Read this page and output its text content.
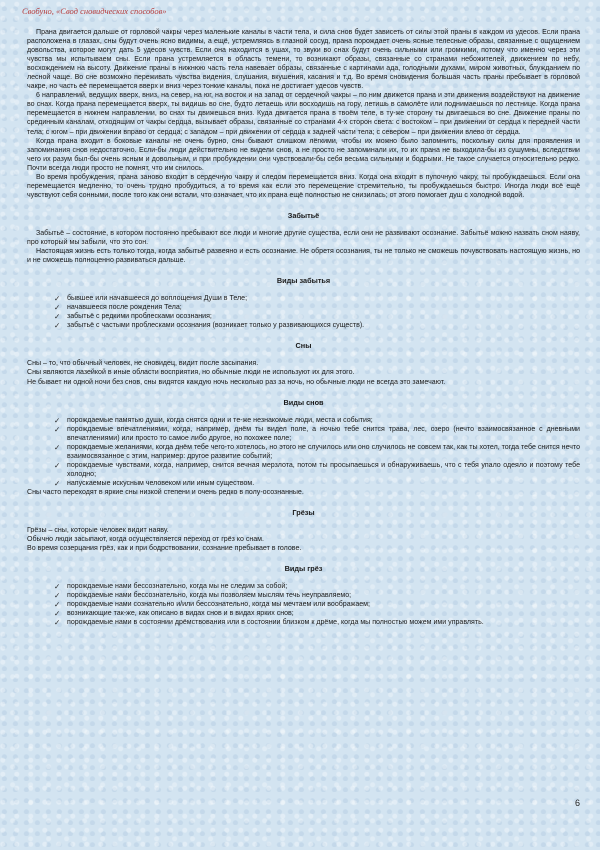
Свобуно, «Свод сновидческих способов»

Прана двигается дальше от горловой чакры через маленькие каналы в части тела, и сила снов будет зависеть от силы этой праны в каждом из удесов. Если прана расположена в глазах, сны будут очень ясно видимы, а ещё, устремляясь в глазной сосуд, прана порождает очень ясные телесные образы, связанные с ощущением довольства, которое могут дать 5 удесов чувств. Если она находится в ушах, то звуки во снах будут очень сильными или громкими, потому что именно через эти чувства мы испытываем сны. Если прана устремляется в область темени, то возникают образы, связанные со странами небожителей, движением по небу, восхождением на высоту. Движение праны в нижнюю часть тела навевает образы, связанные с картинами ада, голодными духами, миром животных, блужданием по лесной чаще. Во сне возможно переживать чувства видения, слушания, вкушения, касания и т.д. Во время сновидения большая часть праны пребывает в горловой чакре, но часть её перемещается вверх и вниз через тонкие каналы, пока не достигает удесов чувств.

6 направлений, ведущих вверх, вниз, на север, на юг, на восток и на запад от сердечной чакры – по ним движется прана и эти движения воздействуют на движение во снах. Когда прана перемещается вверх, ты видишь во сне, будто летаешь или восходишь на гору, летишь в самолёте или поднимаешься по лестнице. Когда прана перемещается в нижнем направлении, во снах ты движешься вниз. Куда двигается прана в твоём теле, в ту-же сторону ты двигаешься во сне. Движение праны по срединным каналам, отходящим от чакры сердца, вызывает образы, связанные со странами 4-х сторон света: с востоком – при движении от сердца к передней части тела; с югом – при движении вправо от сердца; с западом – при движении от сердца к задней части тела; с севером – при движении влево от сердца.

Когда прана входит в боковые каналы не очень бурно, сны бывают слишком лёгкими, чтобы их можно было запомнить, поскольку силы для проявления и запоминания снов недостаточно. Если-бы люди действительно не видели снов, а не просто не запоминали их, то их прана не выходила-бы из сушумны, вследствии чего их разум был-бы очень ясным и довольным, и при пробуждении они чувствовали-бы себя весьма сильными и бодрыми. Не такое случается относительно редко. Почти всегда люди просто не помнят, что им снилось.

Во время пробуждения, прана заново входит в сердечную чакру и следом перемещается вниз. Когда она входит в пупочную чакру, ты пробуждаешься. Если она перемещается медленно, то очень трудно пробудиться, а то время как если это перемещение стремительно, ты пробуждаешься быстро. Иногда люди всё ещё чувствуют себя сонными, после того как они встали, что означает, что их прана ещё полностью не снизилась; от этого помогает душ с холодной водой.

Забытьё

Забытьё – состояние, в котором постоянно пребывают все люди и многие другие существа, если они не развивают осознание. Забытьё можно назвать сном наяву, про который мы забыли, что это сон.

Настоящая жизнь есть только тогда, когда забытьё развеяно и есть осознание. Не обретя осознания, ты не только не сможешь почувствовать настоящую жизнь, но и не сможешь полноценно развиваться дальше.

Виды забытья
✓ бывшее или начавшееся до воплощения Души в Теле;
✓ начавшееся после рождения Тела;
✓ забытьё с редкими проблесками осознания;
✓ забытьё с частыми проблесками осознания (возникает только у развивающихся существ).
Сны

Сны – то, что обычный человек, не сновидец, видит после засыпания.

Сны являются лазейкой в иные области восприятия, но обычные люди не используют их для этого.

Не бывает ни одной ночи без снов, сны видятся каждую ночь несколько раз за ночь, но обычные люди не всегда это замечают.

Виды снов
✓ порождаемые памятью души, когда снятся одни и те-же незнакомые люди, места и события;
✓ порождаемые впечатлениями, когда, например, днём ты видел поле, а ночью тебе снится трава, лес, озеро (нечто взаимосвязанное с дневными впечатлениями) или просто то самое либо другое, но похожее поле;
✓ порождаемые желаниями, когда днём тебе чего-то хотелось, но этого не случилось или оно случилось не совсем так, как ты хотел, тогда тебе снится нечто взаимосвязанное с этим, например: другое развитие событий;
✓ порождаемые чувствами, когда, например, снится вечная мерзлота, потом ты просыпаешься и обнаруживаешь, что с тебя упало одеяло и поэтому тебе холодно;
✓ напускаемые искусным человеком или иным существом.

Сны часто переходят в яркие сны низкой степени и очень редко в полу-осознанные.

Грёзы

Грёзы – сны, которые человек видит наяву.

Обычно люди засыпают, когда осуществляется переход от грёз ко снам.

Во время созерцания грёз, как и при бодрствовании, сознание пребывает в голове.

Виды грёз
✓ порождаемые нами бессознательно, когда мы не следим за собой;
✓ порождаемые нами бессознательно, когда мы позволяем мыслям течь неуправляемо;
✓ порождаемые нами сознательно и/или бессознательно, когда мы мечтаем или воображаем;
✓ возникающие так-же, как описано в видах снов и в видах ярких снов;
✓ порождаемые нами в состоянии дрёмствования или в состоянии близком к дрёме, когда мы полностью можем ими управлять.
6
